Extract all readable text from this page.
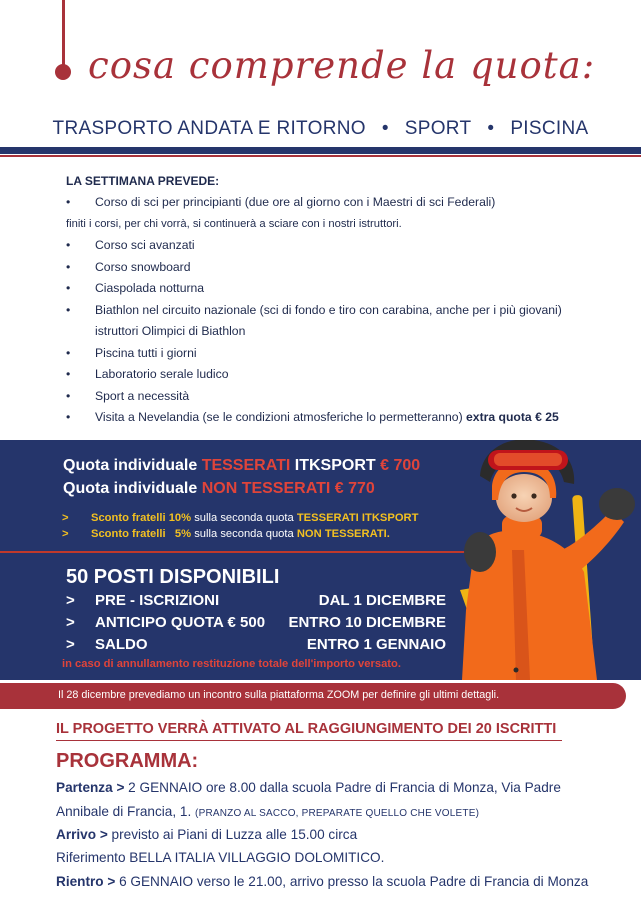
cosa comprende la quota:
TRASPORTO ANDATA E RITORNO • SPORT • PISCINA
LA SETTIMANA PREVEDE:
•	Corso di sci per principianti (due ore al giorno con i Maestri di sci Federali)
finiti i corsi, per chi vorrà, si continuerà a sciare con i nostri istruttori.
•	Corso sci avanzati
•	Corso snowboard
•	Ciaspolada notturna
•	Biathlon nel circuito nazionale (sci di fondo e tiro con carabina, anche per i più giovani)
istruttori Olimpici di Biathlon
•	Piscina tutti i giorni
•	Laboratorio serale ludico
•	Sport a necessità
•	Visita a Nevelandia (se le condizioni atmosferiche lo permetteranno) extra quota € 25
Quota individuale TESSERATI ITKSPORT € 700
Quota individuale NON TESSERATI € 770
> Sconto fratelli 10% sulla seconda quota TESSERATI ITKSPORT
> Sconto fratelli   5% sulla seconda quota NON TESSERATI.
50 POSTI DISPONIBILI
> PRE - ISCRIZIONI	DAL 1 DICEMBRE
> ANTICIPO QUOTA € 500 ENTRO 10 DICEMBRE
> SALDO	ENTRO 1 GENNAIO
in caso di annullamento restituzione totale dell'importo versato.
Il 28 dicembre prevediamo un incontro sulla piattaforma ZOOM per definire gli ultimi dettagli.
IL PROGETTO VERRÀ ATTIVATO AL RAGGIUNGIMENTO DEI 20 ISCRITTI
PROGRAMMA:
Partenza > 2 GENNAIO ore 8.00 dalla scuola Padre di Francia di Monza, Via Padre
Annibale di Francia, 1. (PRANZO AL SACCO, PREPARATE QUELLO CHE VOLETE)
Arrivo > previsto ai Piani di Luzza alle 15.00 circa
Riferimento BELLA ITALIA VILLAGGIO DOLOMITICO.
Rientro > 6 GENNAIO verso le 21.00, arrivo presso la scuola Padre di Francia di Monza
